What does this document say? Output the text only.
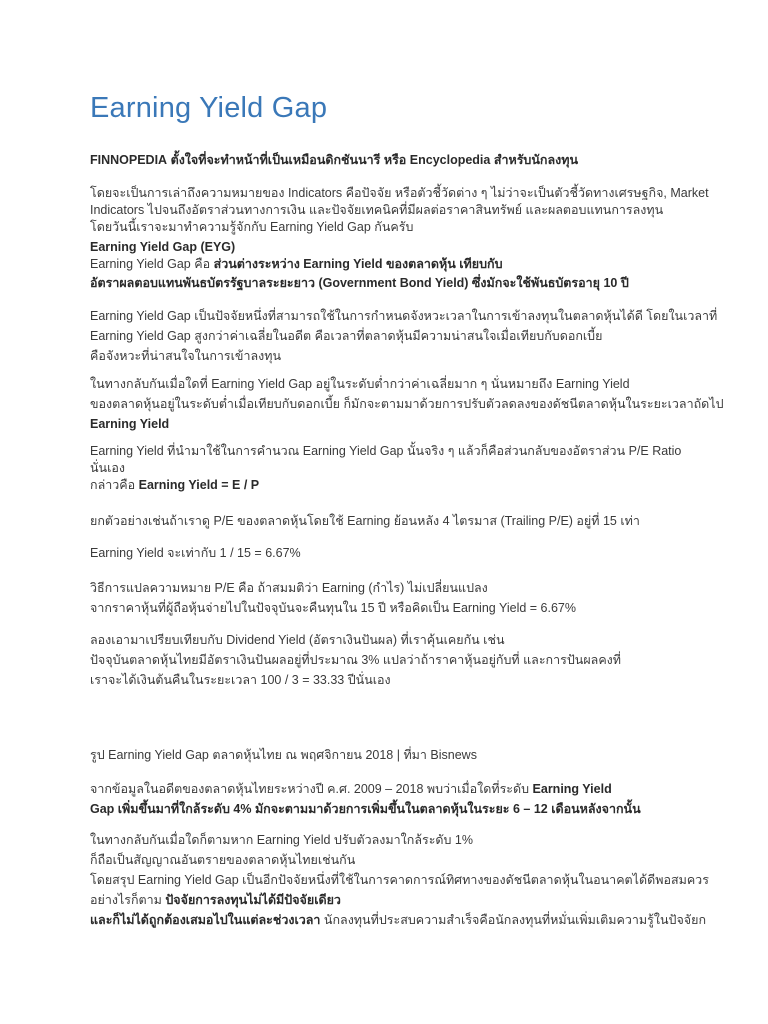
Earning Yield Gap

FINNOPEDIA ตั้งใจที่จะทำหน้าที่เป็นเหมือนดิกชันนารี หรือ Encyclopedia สำหรับนักลงทุน

โดยจะเป็นการเล่าถึงความหมายของ Indicators คือปัจจัย หรือตัวชี้วัดต่าง ๆ ไม่ว่าจะเป็นตัวชี้วัดทางเศรษฐกิจ, Market

Indicators ไปจนถึงอัตราส่วนทางการเงิน และปัจจัยเทคนิคที่มีผลต่อราคาสินทรัพย์ และผลตอบแทนการลงทุน

โดยวันนี้เราจะมาทำความรู้จักกับ Earning Yield Gap กันครับ

Earning Yield Gap (EYG)

Earning Yield Gap คือ ส่วนต่างระหว่าง Earning Yield ของตลาดหุ้น เทียบกับ

อัตราผลตอบแทนพันธบัตรรัฐบาลระยะยาว (Government Bond Yield) ซึ่งมักจะใช้พันธบัตรอายุ 10 ปี

Earning Yield Gap เป็นปัจจัยหนึ่งที่สามารถใช้ในการกำหนดจังหวะเวลาในการเข้าลงทุนในตลาดหุ้นได้ดี โดยในเวลาที่

Earning Yield Gap สูงกว่าค่าเฉลี่ยในอดีต คือเวลาที่ตลาดหุ้นมีความน่าสนใจเมื่อเทียบกับดอกเบี้ย

คือจังหวะที่น่าสนใจในการเข้าลงทุน

ในทางกลับกันเมื่อใดที่ Earning Yield Gap อยู่ในระดับต่ำกว่าค่าเฉลี่ยมาก ๆ นั่นหมายถึง Earning Yield

ของตลาดหุ้นอยู่ในระดับต่ำเมื่อเทียบกับดอกเบี้ย ก็มักจะตามมาด้วยการปรับตัวลดลงของดัชนีตลาดหุ้นในระยะเวลาถัดไป

Earning Yield

Earning Yield ที่นำมาใช้ในการคำนวณ Earning Yield Gap นั้นจริง ๆ แล้วก็คือส่วนกลับของอัตราส่วน P/E Ratio

นั่นเอง

กล่าวคือ Earning Yield = E / P

ยกตัวอย่างเช่นถ้าเราดู P/E ของตลาดหุ้นโดยใช้ Earning ย้อนหลัง 4 ไตรมาส (Trailing P/E) อยู่ที่ 15 เท่า

Earning Yield จะเท่ากับ 1 / 15 = 6.67%

วิธีการแปลความหมาย P/E คือ ถ้าสมมติว่า Earning (กำไร) ไม่เปลี่ยนแปลง

จากราคาหุ้นที่ผู้ถือหุ้นจ่ายไปในปัจจุบันจะคืนทุนใน 15 ปี หรือคิดเป็น Earning Yield = 6.67%

ลองเอามาเปรียบเทียบกับ Dividend Yield (อัตราเงินปันผล) ที่เราคุ้นเคยกัน เช่น

ปัจจุบันตลาดหุ้นไทยมีอัตราเงินปันผลอยู่ที่ประมาณ 3% แปลว่าถ้าราคาหุ้นอยู่กับที่ และการปันผลคงที่

เราจะได้เงินต้นคืนในระยะเวลา 100 / 3 = 33.33 ปีนั่นเอง

รูป Earning Yield Gap ตลาดหุ้นไทย ณ พฤศจิกายน 2018 | ที่มา Bisnews

จากข้อมูลในอดีตของตลาดหุ้นไทยระหว่างปี ค.ศ. 2009 – 2018 พบว่าเมื่อใดที่ระดับ Earning Yield

Gap เพิ่มขึ้นมาที่ใกล้ระดับ 4% มักจะตามมาด้วยการเพิ่มขึ้นในตลาดหุ้นในระยะ 6 – 12 เดือนหลังจากนั้น

ในทางกลับกันเมื่อใดก็ตามหาก Earning Yield ปรับตัวลงมาใกล้ระดับ 1%

ก็ถือเป็นสัญญาณอันตรายของตลาดหุ้นไทยเช่นกัน

โดยสรุป Earning Yield Gap เป็นอีกปัจจัยหนึ่งที่ใช้ในการคาดการณ์ทิศทางของดัชนีตลาดหุ้นในอนาคตได้ดีพอสมควร

อย่างไรก็ตาม ปัจจัยการลงทุนไม่ได้มีปัจจัยเดียว

และก็ไม่ได้ถูกต้องเสมอไปในแต่ละช่วงเวลา นักลงทุนที่ประสบความสำเร็จคือนักลงทุนที่หมั่นเพิ่มเติมความรู้ในปัจจัยก
